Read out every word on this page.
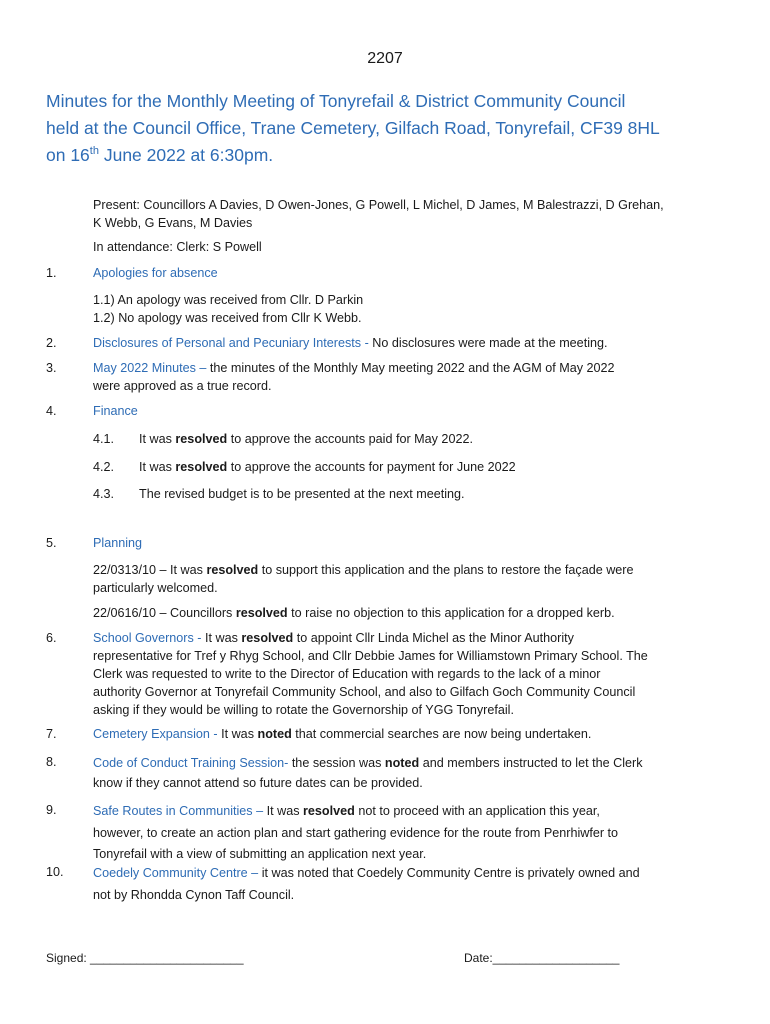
2207
Minutes for the Monthly Meeting of Tonyrefail & District Community Council
held at the Council Office, Trane Cemetery, Gilfach Road, Tonyrefail, CF39 8HL
on 16th June 2022 at 6:30pm.

Present: Councillors A Davies, D Owen-Jones, G Powell, L Michel, D James, M Balestrazzi, D Grehan,
K Webb, G Evans, M Davies

In attendance: Clerk: S Powell

1.	Apologies for absence

1.1) An apology was received from Cllr. D Parkin
1.2) No apology was received from Cllr K Webb.

2.	Disclosures of Personal and Pecuniary Interests - No disclosures were made at the meeting.

3.	May 2022 Minutes – the minutes of the Monthly May meeting 2022 and the AGM of May 2022
were approved as a true record.

4.	Finance

4.1. It was resolved to approve the accounts paid for May 2022.

4.2. It was resolved to approve the accounts for payment for June 2022

4.3. The revised budget is to be presented at the next meeting.

5.	Planning

22/0313/10 – It was resolved to support this application and the plans to restore the façade were
particularly welcomed.

22/0616/10 – Councillors resolved to raise no objection to this application for a dropped kerb.

6.	School Governors - It was resolved to appoint Cllr Linda Michel as the Minor Authority
representative for Tref y Rhyg School, and Cllr Debbie James for Williamstown Primary School. The
Clerk was requested to write to the Director of Education with regards to the lack of a minor
authority Governor at Tonyrefail Community School, and also to Gilfach Goch Community Council
asking if they would be willing to rotate the Governorship of YGG Tonyrefail.

7.	Cemetery Expansion - It was noted that commercial searches are now being undertaken.

8.	Code of Conduct Training Session- the session was noted and members instructed to let the Clerk
know if they cannot attend so future dates can be provided.

9.	Safe Routes in Communities – It was resolved not to proceed with an application this year,
however, to create an action plan and start gathering evidence for the route from Penrhiwfer to
Tonyrefail with a view of submitting an application next year.

10. Coedely Community Centre – it was noted that Coedely Community Centre is privately owned and
not by Rhondda Cynon Taff Council.

Signed: _______________________	Date:___________________
